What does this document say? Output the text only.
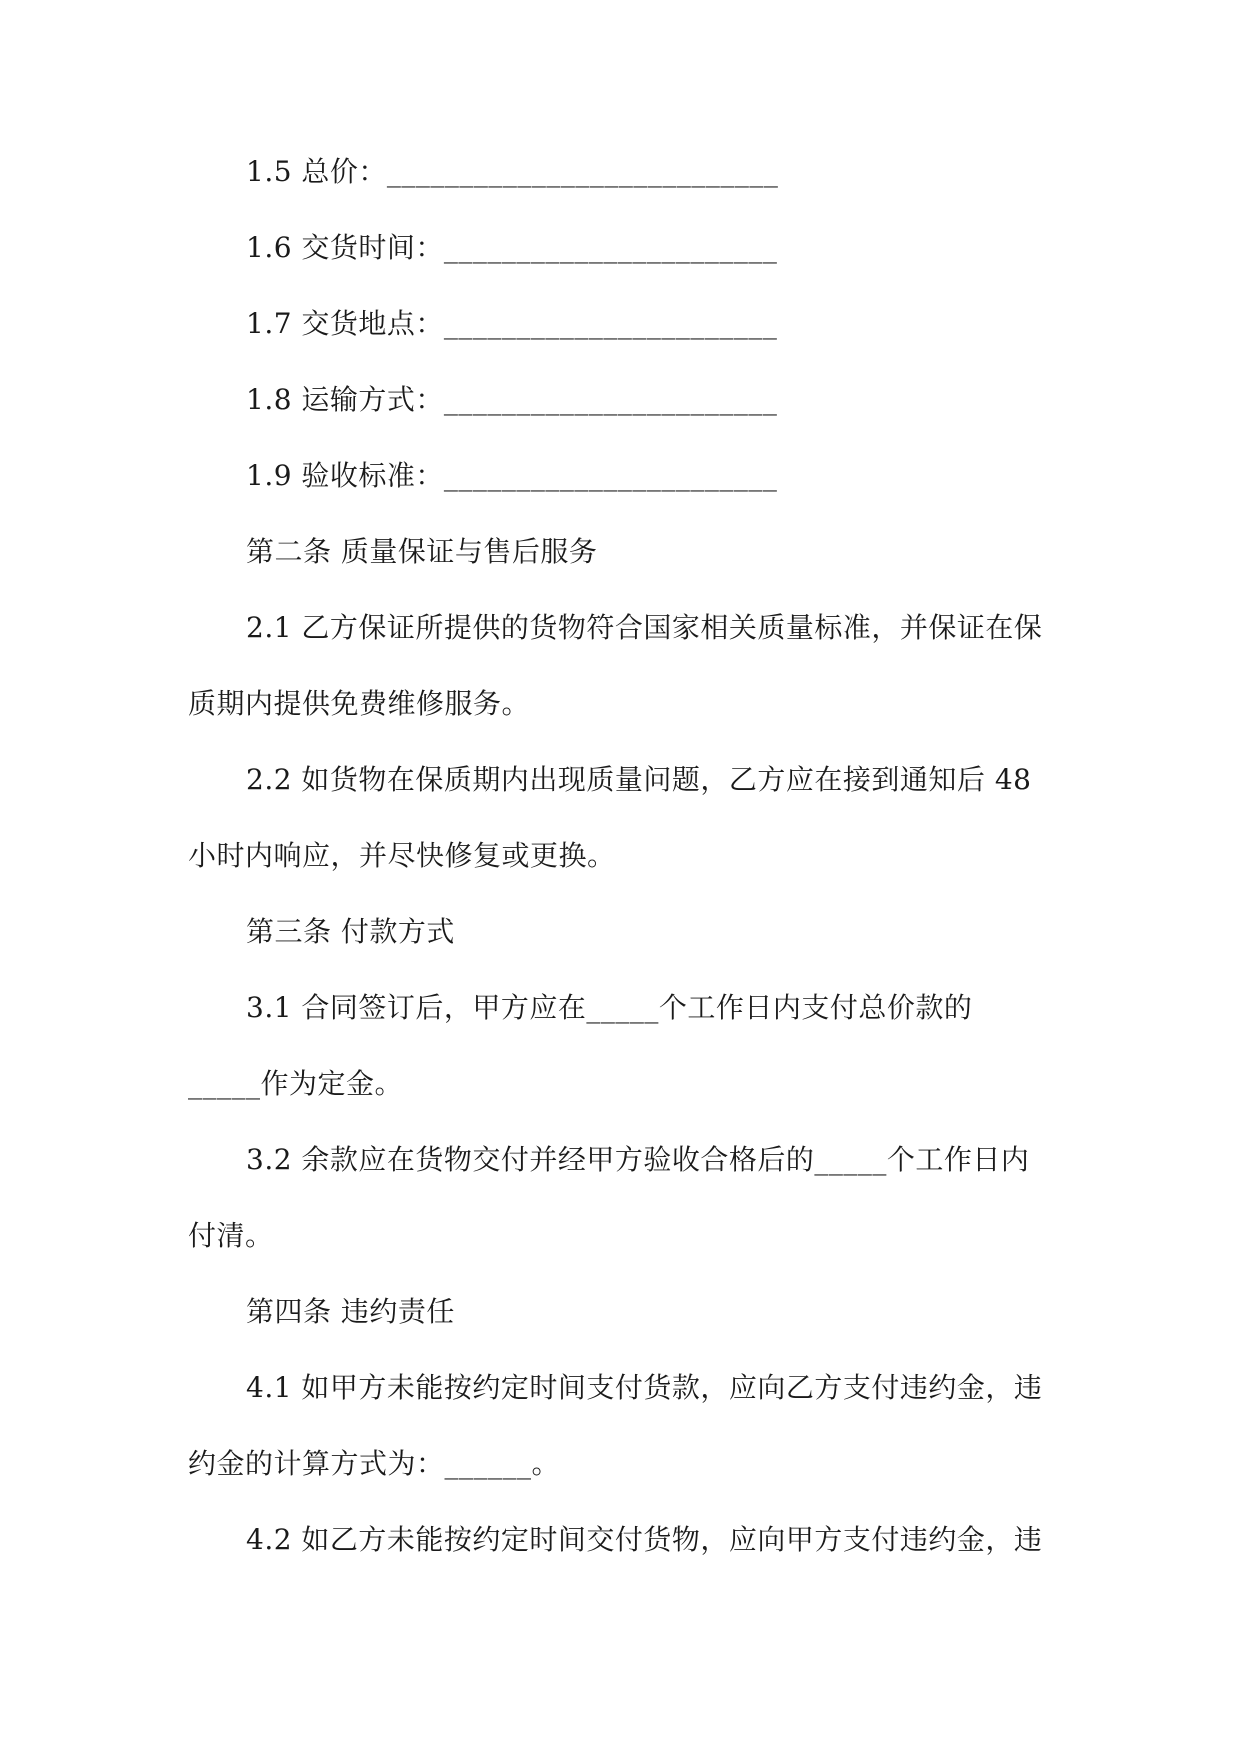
1.5 总价：___________________________
1.6 交货时间：_______________________
1.7 交货地点：_______________________
1.8 运输方式：_______________________
1.9 验收标准：_______________________
第二条 质量保证与售后服务
2.1 乙方保证所提供的货物符合国家相关质量标准，并保证在保
质期内提供免费维修服务。
2.2 如货物在保质期内出现质量问题，乙方应在接到通知后 48
小时内响应，并尽快修复或更换。
第三条 付款方式
3.1 合同签订后，甲方应在_____个工作日内支付总价款的
_____作为定金。
3.2 余款应在货物交付并经甲方验收合格后的_____个工作日内
付清。
第四条 违约责任
4.1 如甲方未能按约定时间支付货款，应向乙方支付违约金，违
约金的计算方式为：______。
4.2 如乙方未能按约定时间交付货物，应向甲方支付违约金，违
